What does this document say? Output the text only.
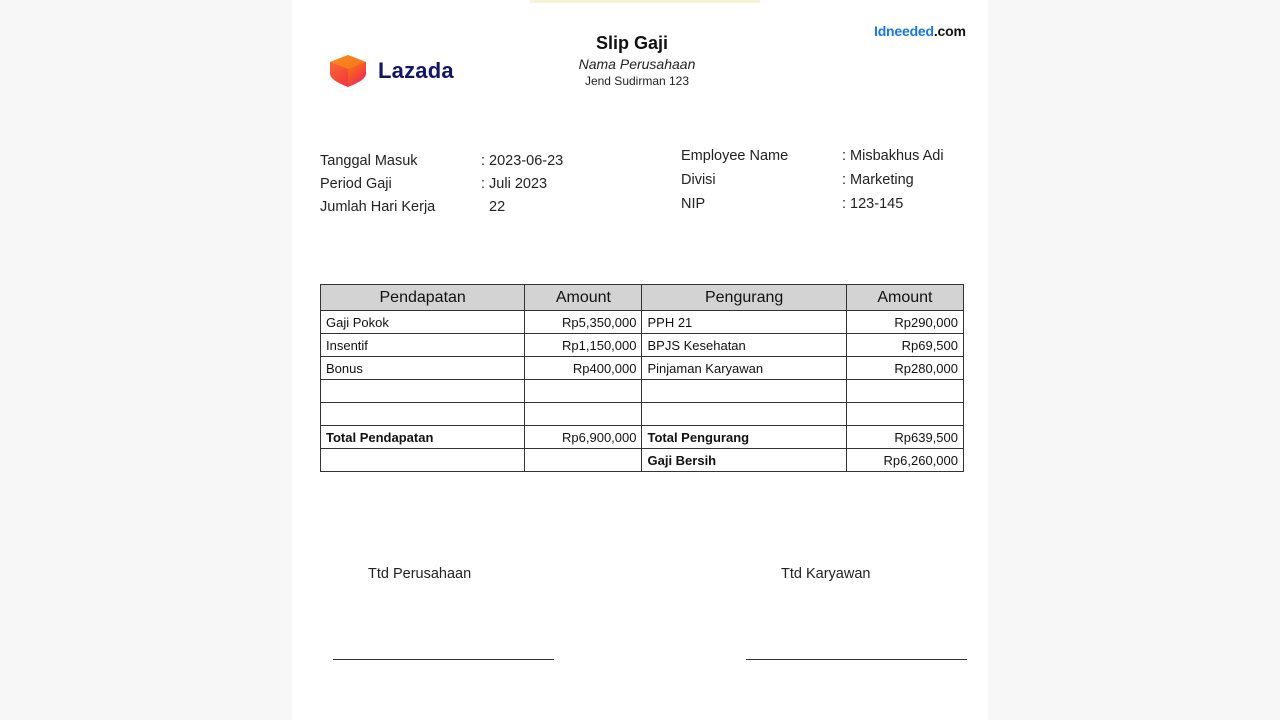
Lazada
Idneeded.com
Slip Gaji
Nama Perusahaan
Jend Sudirman 123
Tanggal Masuk	: 2023-06-23
Period Gaji	: Juli 2023
Jumlah Hari Kerja	22
Employee Name	: Misbakhus Adi
Divisi	: Marketing
NIP	: 123-145
Pendapatan	Amount	Pengurang	Amount
Gaji Pokok	Rp5,350,000	PPH 21	Rp290,000
Insentif	Rp1,150,000	BPJS Kesehatan	Rp69,500
Bonus	Rp400,000	Pinjaman Karyawan	Rp280,000

Total Pendapatan	Rp6,900,000	Total Pengurang	Rp639,500
		Gaji Bersih	Rp6,260,000
Ttd Perusahaan	Ttd Karyawan
